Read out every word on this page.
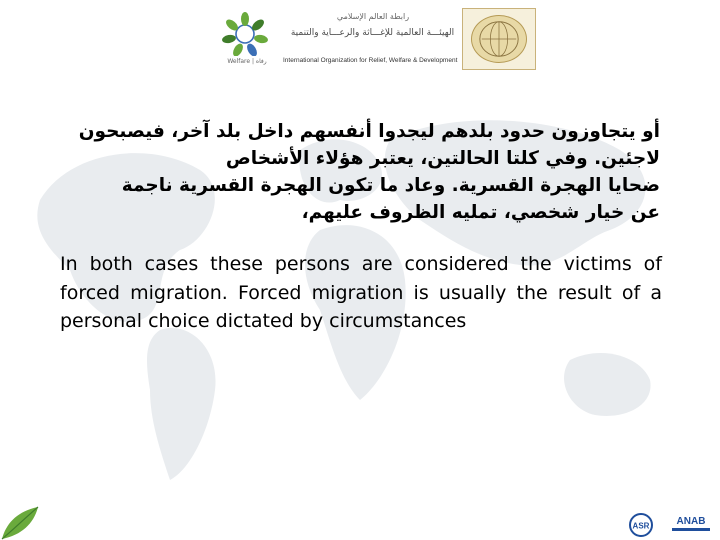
Welfare | رفاه
رابطة العالم الإسلامي
الهيئـــة العالمية للإغـــاثة والرعـــاية والتنمية
International Organization for Relief, Welfare & Development
أو يتجاوزون حدود بلدهم ليجدوا أنفسهم داخل بلد آخر، فيصبحون
لاجئين. وفي كلتا الحالتين، يعتبر هؤلاء الأشخاص
ضحايا الهجرة القسرية. وعاد ما تكون الهجرة القسرية ناجمة
عن خيار شخصي، تمليه الظروف عليهم،

In both cases these persons are considered the victims of forced migration. Forced migration is usually the result of a personal choice dictated by circumstances

ASR	ANAB
